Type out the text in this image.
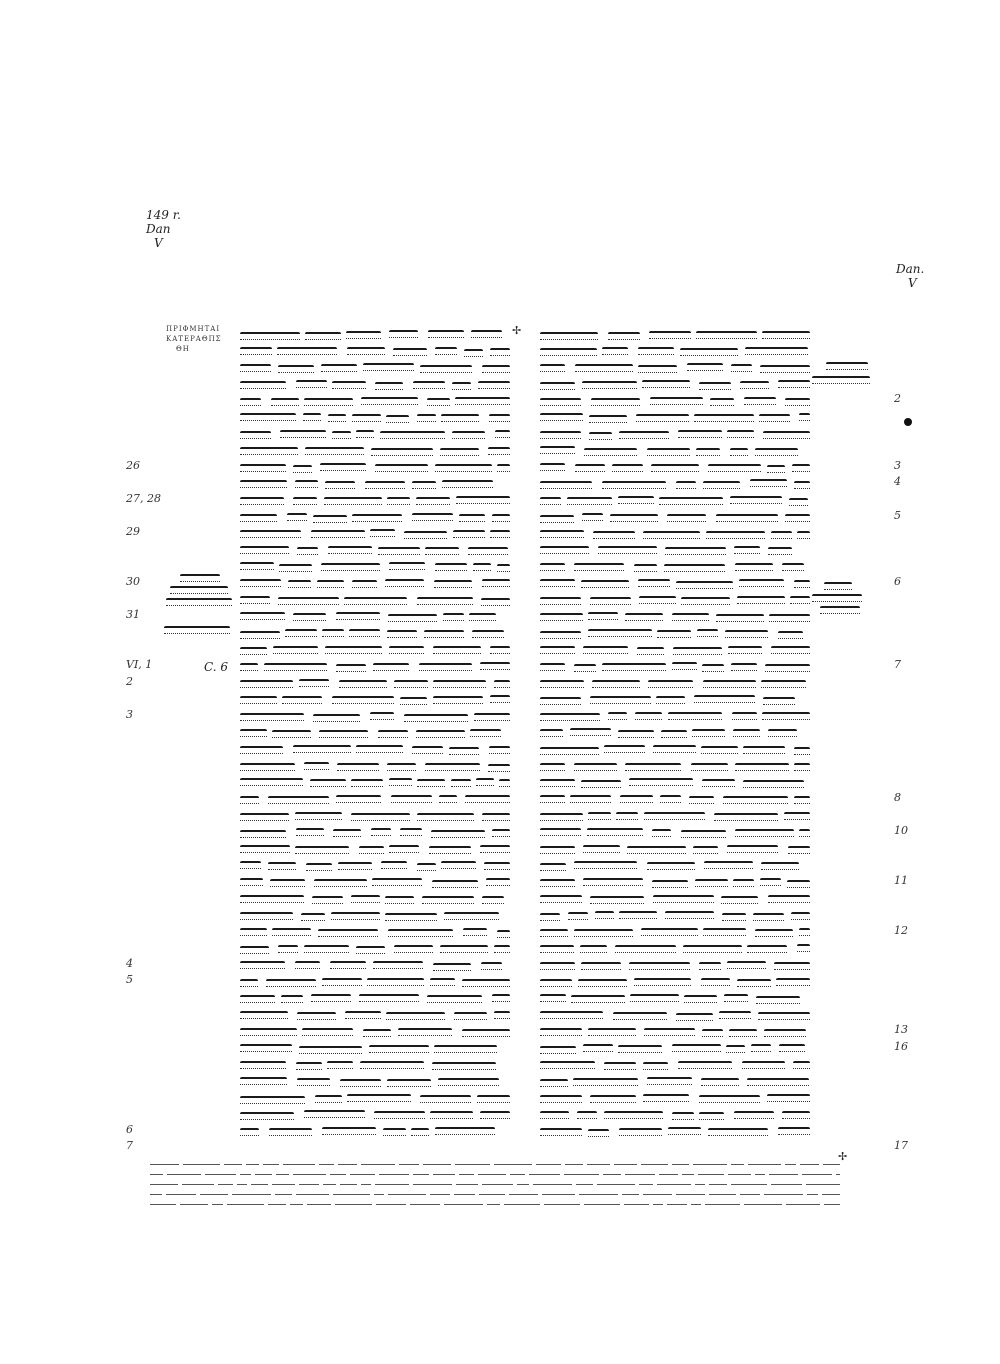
149 r.
Dan
V
Dan.
V
ΠΡΙΦΜΗΤΑΙ
ΚΑΤΕΡΑΘΠΣ
ΘΗ
C. 6
26
27, 28
29
30
31
VI, 1
2
3
4
5
6
7
2
3
4
5
6
7
8
10
11
12
13
16
17
✢
✢
